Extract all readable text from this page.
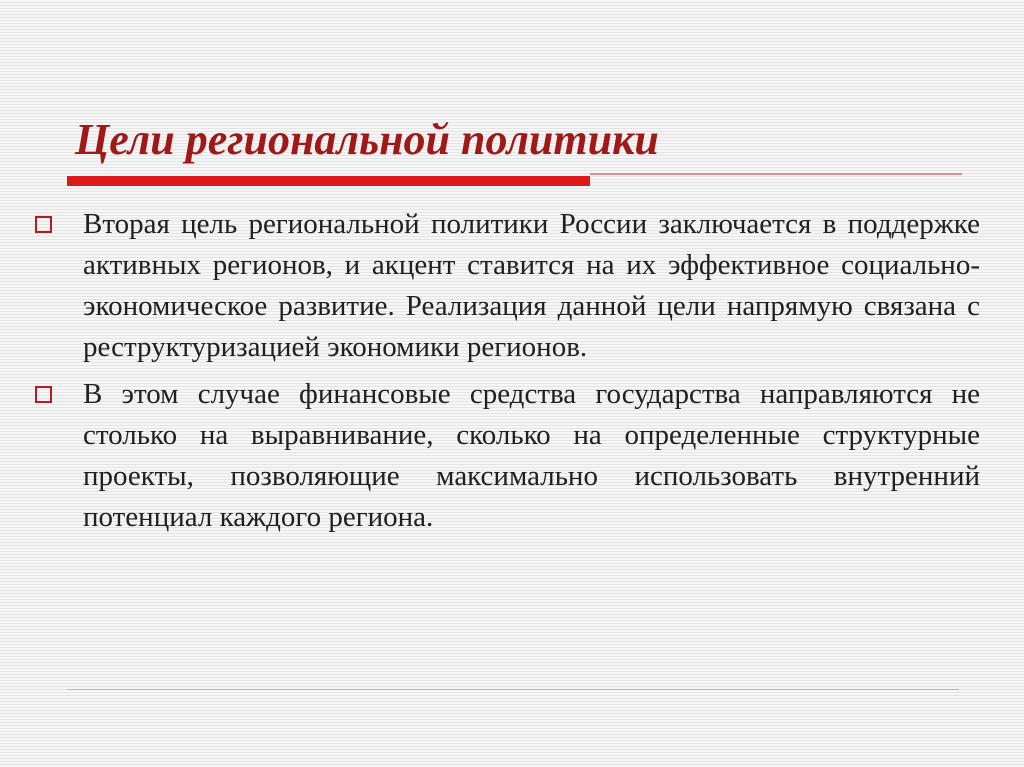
Цели региональной политики
Вторая цель региональной политики России заключается в поддержке активных регионов, и акцент ставится на их эффективное социально-экономическое развитие. Реализация данной цели напрямую связана с реструктуризацией экономики регионов.
В этом случае финансовые средства государства направляются не столько на выравнивание, сколько на определенные структурные проекты, позволяющие максимально использовать внутренний потенциал каждого региона.
